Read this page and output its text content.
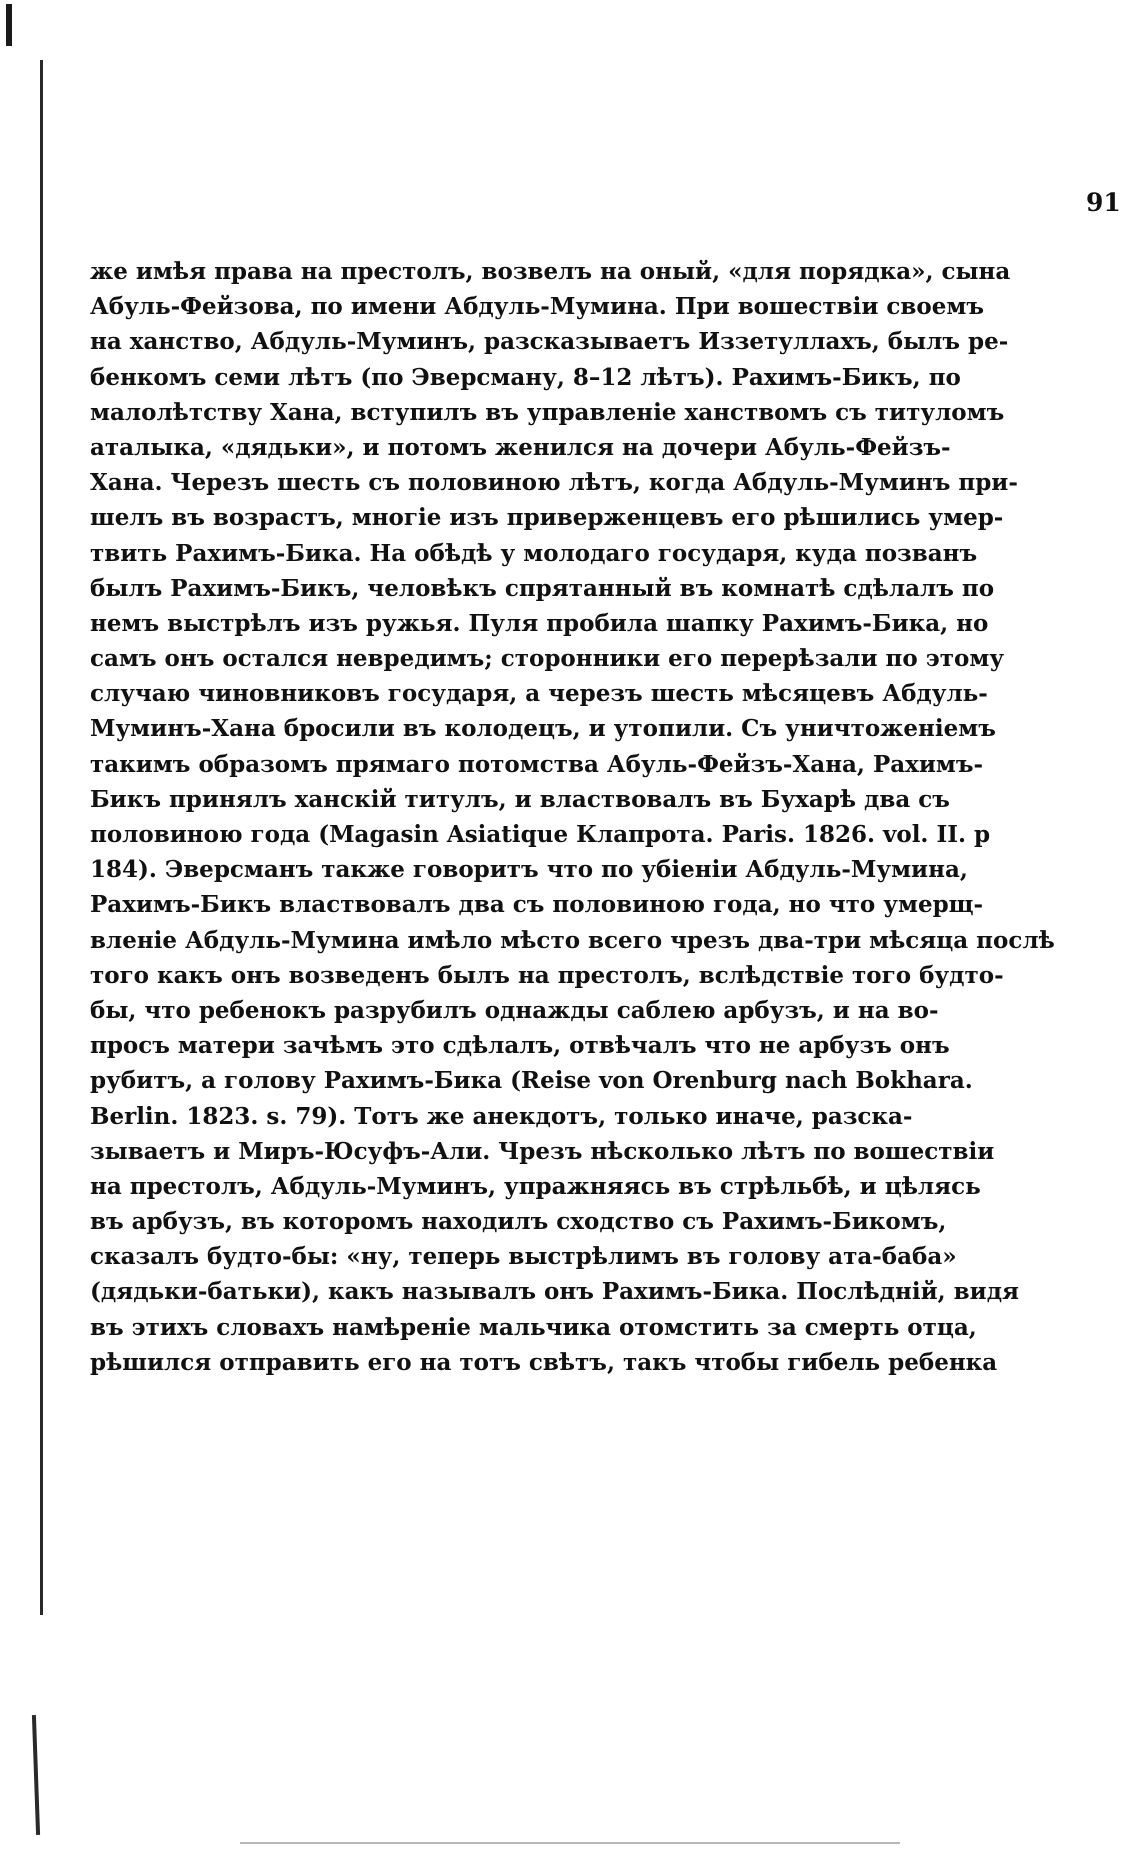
91
же имѣя права на престолъ, возвелъ на оный, «для порядка», сына
Абуль-Фейзова, по имени Абдуль-Мумина. При вошествіи своемъ
на ханство, Абдуль-Муминъ, разсказываетъ Иззетуллахъ, былъ ре-
бенкомъ семи лѣтъ (по Эверсману, 8–12 лѣтъ). Рахимъ-Бикъ, по
малолѣтству Хана, вступилъ въ управленіе ханствомъ съ титуломъ
аталыка, «дядьки», и потомъ женился на дочери Абуль-Фейзъ-
Хана. Черезъ шесть съ половиною лѣтъ, когда Абдуль-Муминъ при-
шелъ въ возрастъ, многіе изъ приверженцевъ его рѣшились умер-
твить Рахимъ-Бика. На обѣдѣ у молодаго государя, куда позванъ
былъ Рахимъ-Бикъ, человѣкъ спрятанный въ комнатѣ сдѣлалъ по
немъ выстрѣлъ изъ ружья. Пуля пробила шапку Рахимъ-Бика, но
самъ онъ остался невредимъ; сторонники его перерѣзали по этому
случаю чиновниковъ государя, а черезъ шесть мѣсяцевъ Абдуль-
Муминъ-Хана бросили въ колодецъ, и утопили. Съ уничтоженіемъ
такимъ образомъ прямаго потомства Абуль-Фейзъ-Хана, Рахимъ-
Бикъ принялъ ханскій титулъ, и властвовалъ въ Бухарѣ два съ
половиною года (Magasin Asiatique Клапрота. Paris. 1826. vol. II. p
184). Эверсманъ также говоритъ что по убіеніи Абдуль-Мумина,
Рахимъ-Бикъ властвовалъ два съ половиною года, но что умерщ-
вленіе Абдуль-Мумина имѣло мѣсто всего чрезъ два-три мѣсяца послѣ
того какъ онъ возведенъ былъ на престолъ, вслѣдствіе того будто-
бы, что ребенокъ разрубилъ однажды саблею арбузъ, и на во-
просъ матери зачѣмъ это сдѣлалъ, отвѣчалъ что не арбузъ онъ
рубитъ, а голову Рахимъ-Бика (Reise von Orenburg nach Bokhara.
Berlin. 1823. s. 79). Тотъ же анекдотъ, только иначе, разска-
зываетъ и Миръ-Юсуфъ-Али. Чрезъ нѣсколько лѣтъ по вошествіи
на престолъ, Абдуль-Муминъ, упражняясь въ стрѣльбѣ, и цѣлясь
въ арбузъ, въ которомъ находилъ сходство съ Рахимъ-Бикомъ,
сказалъ будто-бы: «ну, теперь выстрѣлимъ въ голову ата-баба»
(дядьки-батьки), какъ называлъ онъ Рахимъ-Бика. Послѣдній, видя
въ этихъ словахъ намѣреніе мальчика отомстить за смерть отца,
рѣшился отправить его на тотъ свѣтъ, такъ чтобы гибель ребенка
